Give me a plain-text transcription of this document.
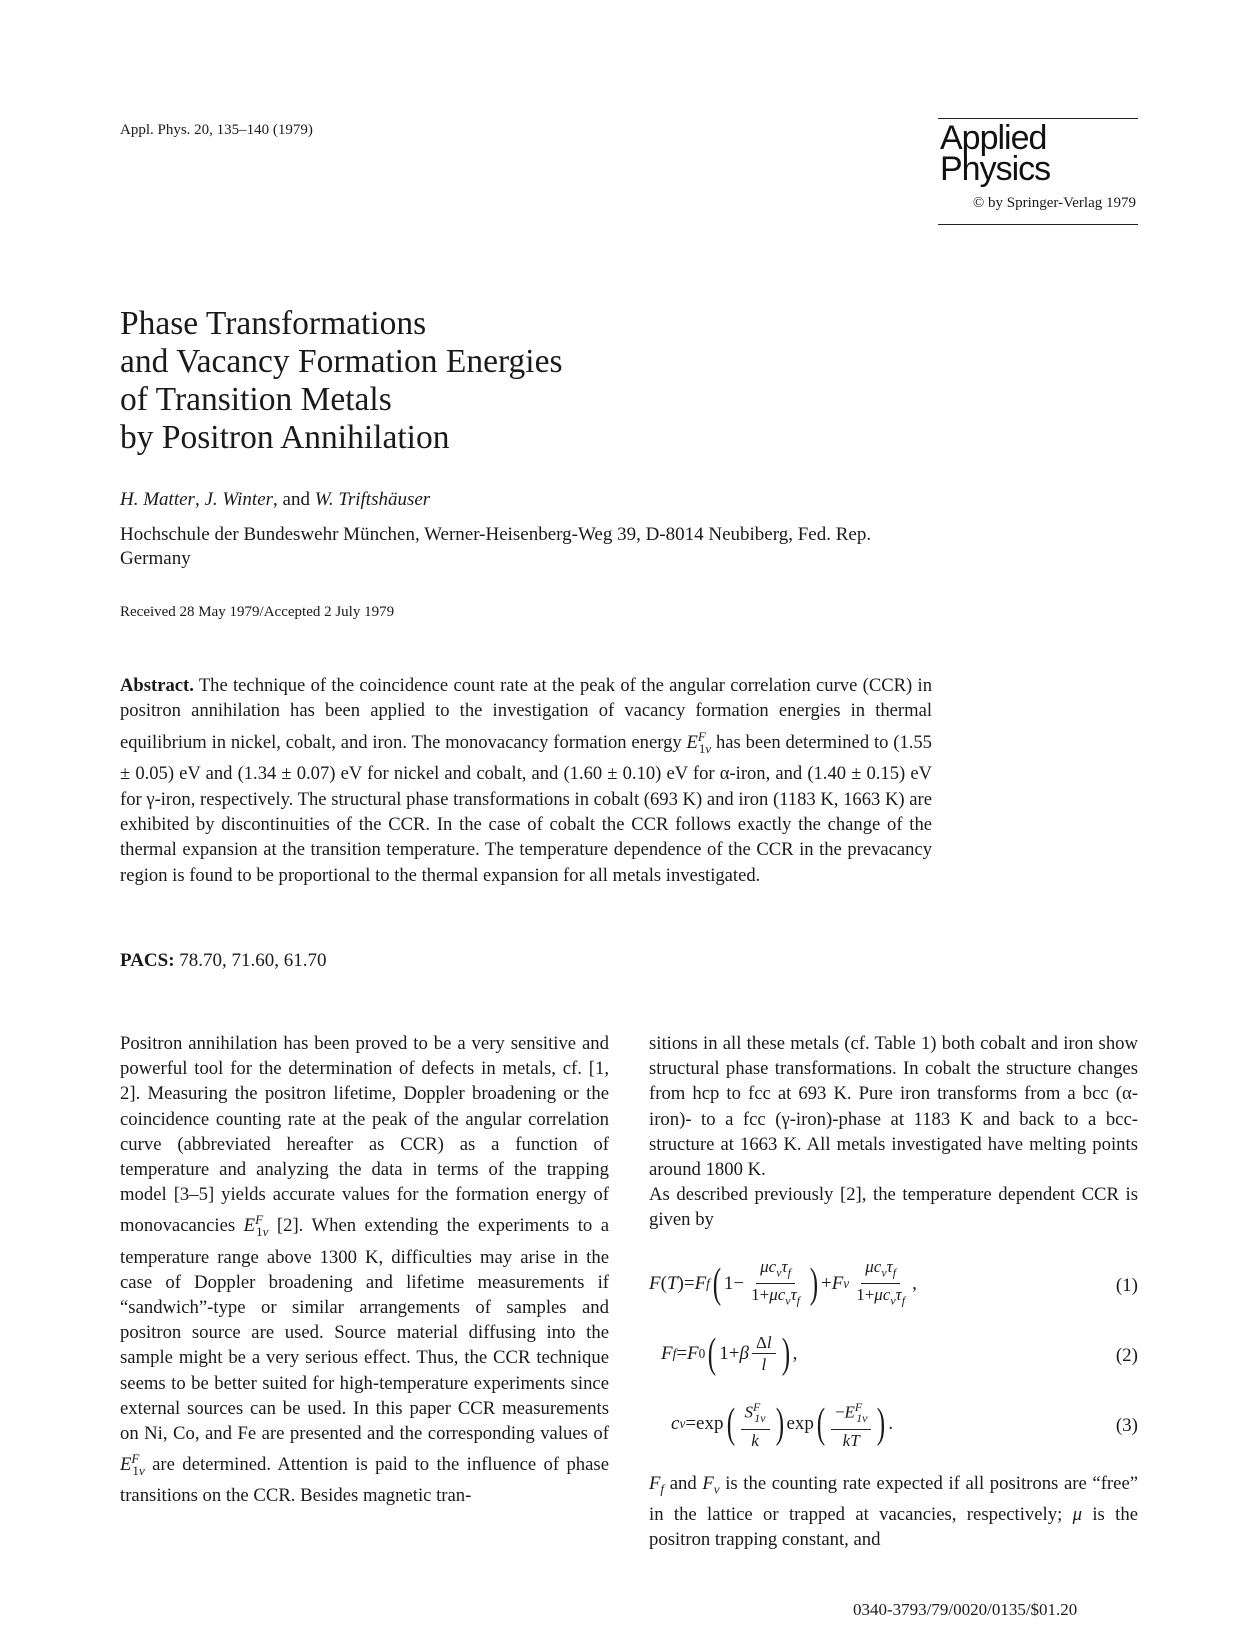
Appl. Phys. 20, 135–140 (1979)	Applied
Physics
© by Springer-Verlag 1979
Phase Transformations
and Vacancy Formation Energies
of Transition Metals
by Positron Annihilation
H. Matter, J. Winter, and W. Triftshäuser
Hochschule der Bundeswehr München, Werner-Heisenberg-Weg 39, D-8014 Neubiberg, Fed. Rep. Germany
Received 28 May 1979/Accepted 2 July 1979
Abstract. The technique of the coincidence count rate at the peak of the angular correlation curve (CCR) in positron annihilation has been applied to the investigation of vacancy formation energies in thermal equilibrium in nickel, cobalt, and iron. The monovacancy formation energy $E^F_{1v}$ has been determined to (1.55 ± 0.05) eV and (1.34 ± 0.07) eV for nickel and cobalt, and (1.60 ± 0.10) eV for α-iron, and (1.40 ± 0.15) eV for γ-iron, respectively. The structural phase transformations in cobalt (693 K) and iron (1183 K, 1663 K) are exhibited by discontinuities of the CCR. In the case of cobalt the CCR follows exactly the change of the thermal expansion at the transition temperature. The temperature dependence of the CCR in the prevacancy region is found to be proportional to the thermal expansion for all metals investigated.
PACS: 78.70, 71.60, 61.70
Positron annihilation has been proved to be a very sensitive and powerful tool for the determination of defects in metals, cf. [1, 2]. Measuring the positron lifetime, Doppler broadening or the coincidence counting rate at the peak of the angular correlation curve (abbreviated hereafter as CCR) as a function of temperature and analyzing the data in terms of the trapping model [3–5] yields accurate values for the formation energy of monovacancies $E^F_{1v}$ [2]. When extending the experiments to a temperature range above 1300 K, difficulties may arise in the case of Doppler broadening and lifetime measurements if “sandwich”-type or similar arrangements of samples and positron source are used. Source material diffusing into the sample might be a very serious effect. Thus, the CCR technique seems to be better suited for high-temperature experiments since external sources can be used. In this paper CCR measurements on Ni, Co, and Fe are presented and the corresponding values of $E^F_{1v}$ are determined. Attention is paid to the influence of phase transitions on the CCR. Besides magnetic tran-
sitions in all these metals (cf. Table 1) both cobalt and iron show structural phase transformations. In cobalt the structure changes from hcp to fcc at 693 K. Pure iron transforms from a bcc (α-iron)- to a fcc (γ-iron)-phase at 1183 K and back to a bcc-structure at 1663 K. All metals investigated have melting points around 1800 K.
As described previously [2], the temperature dependent CCR is given by
F ( T )= F f ( $1- \frac{\mu c_v\tau_f}{1+\mu c_v\tau_f}$ ) + F v $\frac{\mu c_v\tau_f}{1+\mu c_v\tau_f}$ ,	(1)
F f = F 0 ( 1+ β $\frac{\Delta l}{l}$ ) ,	(2)
c v =exp ( $\frac{S^F_{1v}}{k}$ ) exp ( $\frac{-E^F_{1v}}{kT}$ ) .	(3)
$F_f$ and $F_v$ is the counting rate expected if all positrons are “free” in the lattice or trapped at vacancies, respectively; μ is the positron trapping constant, and
0340-3793/79/0020/0135/$01.20
